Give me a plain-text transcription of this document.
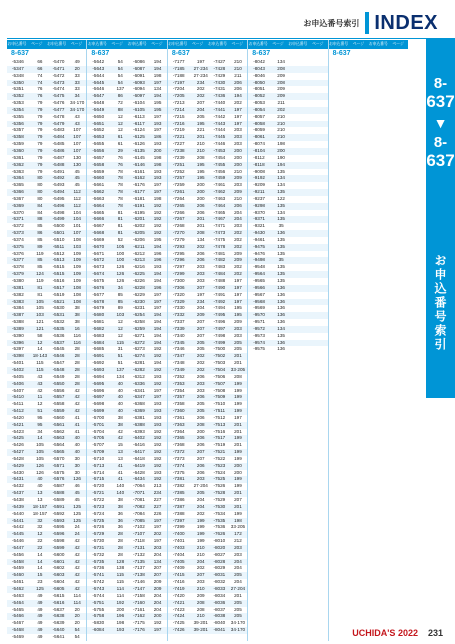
お申込番号索引 INDEX
お申込番号	ページ	お申込番号	ページ
8-637
-5346	66	-5470	49
-5347	66	-5471	20
-5348	74	-5472	33
-5350	74	-5473	33
-5351	76	-5474	33
-5352	76	-5475	34
-5353	79	-5476	34·170
-5354	79	-5477	34·170
-5355	79	-5478	43
-5356	79	-5479	43
-5357	79	-5483	107
-5358	79	-5484	107
-5359	79	-5485	107
-5360	79	-5486	107
-5361	79	-5487	130
-5362	79	-5488	130
-5363	79	-5491	45
-5364	80	-5492	45
-5365	80	-5493	45
-5366	80	-5494	112
-5367	80	-5495	112
-5369	84	-5496	112
-5370	84	-5498	104
-5371	88	-5499	104
-5372	85	-5500	101
-5373	86	-5501	107
-5374	85	-5510	108
-5375	89	-5511	103
-5376	119	-5512	109
-5377	85	-5513	109
-5378	85	-5515	109
-5379	124	-5515	109
-5380	119	-5516	109
-5381	81	-5517	108
-5382	81	-5519	108
-5383	105	-5521	108
-5384	105	-5530	38
-5387	103	-5531	38
-5388	121	-5532	38
-5389	121	-5535	16
-5390	58	-5536	116
-5396	12	-5537	116
-5397	14	-5545	28
-5398	18·143	-5546	28
-5401	115	-5547	28
-5402	115	-5548	28
-5405	43	-5549	28
-5406	43	-5550	28
-5407	42	-5556	42
-5410	11	-5557	42
-5411	12	-5558	42
-5412	51	-5559	42
-5420	95	-5560	41
-5421	95	-5561	41
-5423	34	-5562	41
-5425	14	-5563	40
-5426	105	-5564	40
-5427	105	-5565	40
-5428	105	-5570	30
-5429	126	-5571	30
-5430	126	-5575	30
-5431	40	-5576	126
-5432	40	-5587	46
-5437	13	-5588	45
-5438	13	-5589	45
-5439	18·157	-5591	125
-5440	18·157	-5592	125
-5441	32	-5593	125
-5442	32	-5595	24
-5445	12	-5596	24
-5446	22	-5598	42
-5447	22	-5599	42
-5456	14	-5600	42
-5458	14	-5601	42
-5459	14	-5602	42
-5460	15	-5603	42
-5461	23	-5604	42
-5462	125	-5605	42
-5463	49	-5615	114
-5464	49	-5616	114
-5465	49	-5637	20
-5466	49	-5638	20
-5467	49	-5639	20
-5468	49	-5640	54
-5469	49	-5641	54
お申込番号	ページ	お申込番号	ページ
8-637
-5642	54	-6086	194
-5643	54	-6087	194
-5644	54	-6091	198
-5645	54	-6093	197
-5646	137	-6094	134
-5647	86	-6097	194
-5648	72	-6104	195
-5649	88	-6105	195
-5650	12	-6113	197
-5651	12	-6117	193
-5652	12	-6124	197
-5653	61	-6125	186
-5655	61	-6126	193
-5656	29	-6135	200
-5657	76	-6145	198
-5658	76	-6146	198
-5659	78	-6161	193
-5660	78	-6162	193
-5661	78	-6176	197
-5662	78	-6177	197
-5663	78	-6181	198
-5664	78	-6191	192
-5665	81	-6195	192
-5666	81	-6201	192
-5667	81	-6202	192
-5668	81	-6205	192
-5669	52	-6206	195
-5670	105	-6211	194
-5671	100	-6212	196
-5672	100	-6213	196
-5673	126	-6216	193
-5674	126	-6225	194
-5675	126	-6226	194
-5676	34	-6228	196
-5677	85	-6229	197
-5678	85	-6230	197
-5679	89	-6231	197
-5680	103	-6254	194
-5681	12	-6258	194
-5682	12	-6259	194
-5683	12	-6271	194
-5684	115	-6272	194
-5685	31	-6273	192
-5691	51	-6274	192
-5692	51	-6281	194
-5693	137	-6282	192
-5694	134	-6312	193
-5695	40	-6336	192
-5696	40	-6341	197
-5697	40	-6347	197
-5698	40	-6368	193
-5699	40	-6369	193
-5700	38	-6381	193
-5701	38	-6388	193
-5704	42	-6393	192
-5705	42	-6402	192
-5707	15	-6416	192
-5709	13	-6417	192
-5710	13	-6418	192
-5713	41	-6419	192
-5714	41	-6428	193
-5715	41	-6434	192
-5720	140	-7064	213
-5721	140	-7071	234
-5722	38	-7081	227
-5723	38	-7082	227
-5724	36	-7084	226
-5725	36	-7085	197
-5726	36	-7102	197
-5729	28	-7107	202
-5730	28	-7118	197
-5731	28	-7131	203
-5732	28	-7132	204
-5735	128	-7135	134
-5736	138	-7137	207
-5741	115	-7138	207
-5742	115	-7146	209
-5743	114	-7147	209
-5744	114	-7158	204
-5751	192	-7160	204
-5755	200	-7161	204
-5758	196	-7162	200
-5830	198	-7175	192
-6084	193	-7176	197
お申込番号	ページ	お申込番号	ページ
8-637
-7177	197	-7427	210
-7185	27·234	-7428	210
-7188	27·234	-7429	211
-7197	234	-7430	206
-7204	202	-7431	206
-7205	202	-7436	194
-7213	207	-7440	202
-7214	204	-7441	197
-7215	205	-7442	197
-7216	195	-7443	197
-7219	221	-7444	203
-7221	201	-7445	203
-7227	210	-7446	203
-7238	210	-7453	200
-7239	208	-7454	200
-7251	195	-7455	200
-7252	195	-7456	210
-7257	195	-7459	209
-7259	200	-7461	203
-7261	200	-7462	209
-7264	200	-7463	210
-7265	206	-7464	206
-7266	206	-7465	204
-7267	201	-7467	204
-7268	201	-7471	203
-7270	208	-7473	202
-7279	134	-7475	202
-7293	202	-7478	202
-7295	206	-7481	209
-7296	206	-7482	209
-7297	203	-7483	202
-7299	203	-7484	202
-7300	203	-7488	197
-7306	207	-7490	197
-7320	197	-7491	197
-7329	234	-7492	197
-7330	204	-7494	195
-7332	209	-7495	195
-7337	207	-7496	209
-7339	207	-7497	203
-7340	207	-7498	203
-7345	205	-7499	205
-7346	205	-7500	205
-7347	202	-7502	201
-7348	202	-7503	201
-7349	202	-7504	33·205
-7352	206	-7506	208
-7353	203	-7507	199
-7354	203	-7508	199
-7357	206	-7509	199
-7358	205	-7510	199
-7360	205	-7511	199
-7361	206	-7512	197
-7363	208	-7513	201
-7364	200	-7516	201
-7365	206	-7517	199
-7368	206	-7519	201
-7372	207	-7521	199
-7373	207	-7522	199
-7374	206	-7523	200
-7375	206	-7524	200
-7381	203	-7525	199
-7382	27·204	-7526	199
-7385	205	-7528	201
-7386	204	-7529	207
-7387	204	-7530	201
-7388	202	-7534	199
-7397	199	-7535	198
-7399	199	-7536	33·205
-7400	199	-7626	172
-7401	199	-8010	212
-7403	210	-8020	203
-7404	210	-8027	203
-7405	204	-8028	204
-7409	202	-8029	204
-7415	207	-8031	205
-7416	203	-8032	204
-7419	210	-8033	27·204
-7420	209	-8034	201
-7421	208	-8036	205
-7423	208	-8037	205
-7424	210	-8038	205
-7425	39·201	-8040	34·170
-7426	39·201	-8041	34·170
お申込番号	ページ	お申込番号	ページ
8-637
-8042	134
-8043	208
-8046	209
-8050	208
-8051	209
-8052	209
-8053	211
-8054	202
-8057	210
-8058	210
-8059	210
-8061	210
-8074	198
-8104	200
-8112	190
-8118	194
-9008	135
-9192	134
-9209	134
-9211	135
-9237	122
-9298	135
-9370	134
-9371	135
-9321	35
-9430	136
-9461	135
-9475	135
-9476	135
-9498	35
-9548	135
-9564	135
-9565	135
-9566	136
-9567	136
-9568	136
-9569	136
-9570	136
-9571	136
-9572	134
-9573	135
-9574	136
-9575	136
お申込番号	ページ	お申込番号	ページ
8-637
8-
637
▼
8-
637
お申込番号索引
UCHIDA'S 2022 231
